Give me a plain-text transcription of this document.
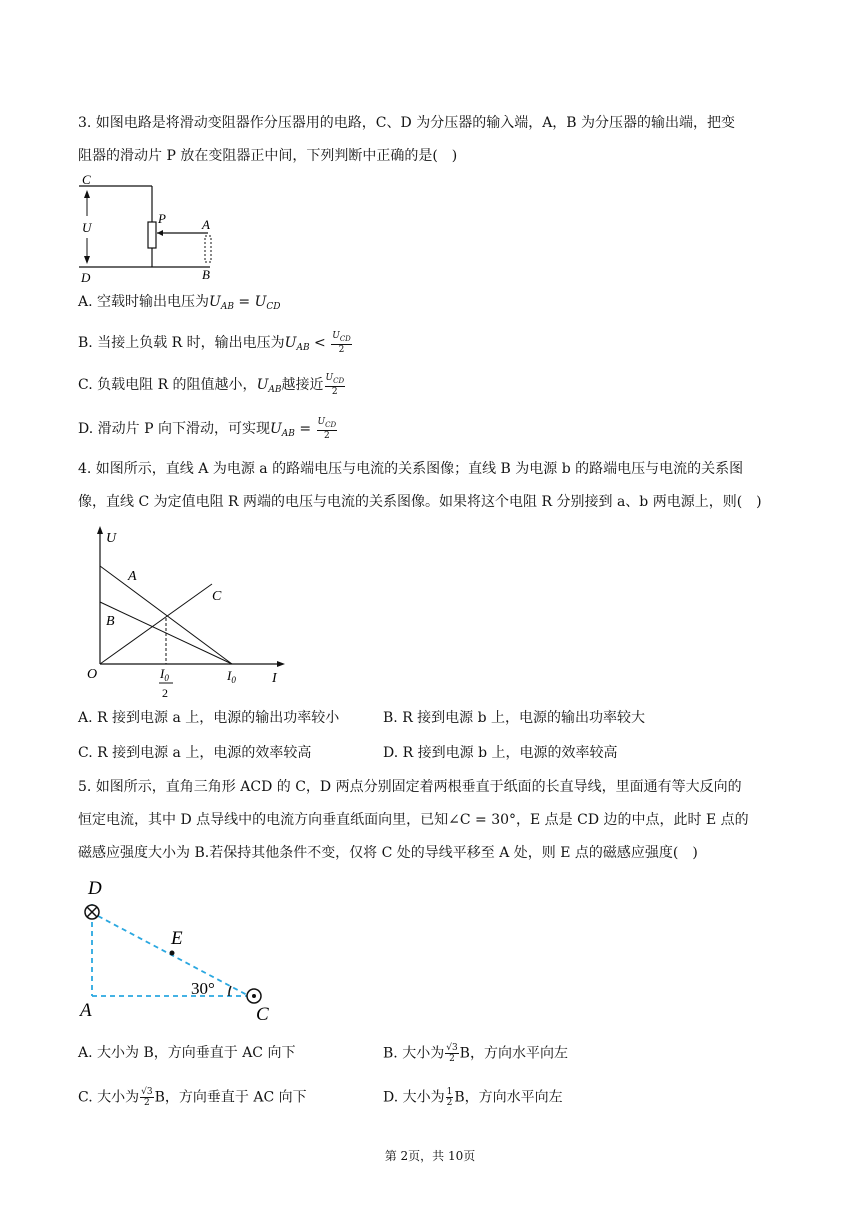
3. 如图电路是将滑动变阻器作分压器用的电路，C、D 为分压器的输入端，A，B 为分压器的输出端，把变
阻器的滑动片 P 放在变阻器正中间，下列判断中正确的是(　)
C
D
U
P	A
B
A. 空载时输出电压为$U_{AB} = U_{CD}$
B. 当接上负载 R 时，输出电压为$U_{AB} < \frac{U_{CD}}{2}$
C. 负载电阻 R 的阻值越小，$U_{AB}$越接近 $\frac{U_{CD}}{2}$
D. 滑动片 P 向下滑动，可实现$U_{AB} = \frac{U_{CD}}{2}$
4. 如图所示，直线 A 为电源 a 的路端电压与电流的关系图像；直线 B 为电源 b 的路端电压与电流的关系图
像，直线 C 为定值电阻 R 两端的电压与电流的关系图像。如果将这个电阻 R 分别接到 a、b 两电源上，则(　)
U
O	I
A
B
C
$I_0$
$I_0$
2
A. R 接到电源 a 上，电源的输出功率较小	B. R 接到电源 b 上，电源的输出功率较大
C. R 接到电源 a 上，电源的效率较高	D. R 接到电源 b 上，电源的效率较高
5. 如图所示，直角三角形 ACD 的 C，D 两点分别固定着两根垂直于纸面的长直导线，里面通有等大反向的
恒定电流，其中 D 点导线中的电流方向垂直纸面向里，已知∠C = 30°，E 点是 CD 边的中点，此时 E 点的
磁感应强度大小为 B.若保持其他条件不变，仅将 C 处的导线平移至 A 处，则 E 点的磁感应强度(　)
D
E
A	C
30°
A. 大小为 B，方向垂直于 AC 向下	B. 大小为 $\frac{√3}{2}$ B，方向水平向左
C. 大小为 $\frac{√3}{2}$ B，方向垂直于 AC 向下	D. 大小为 $\frac{1}{2}$ B，方向水平向左
第 2页，共 10页
